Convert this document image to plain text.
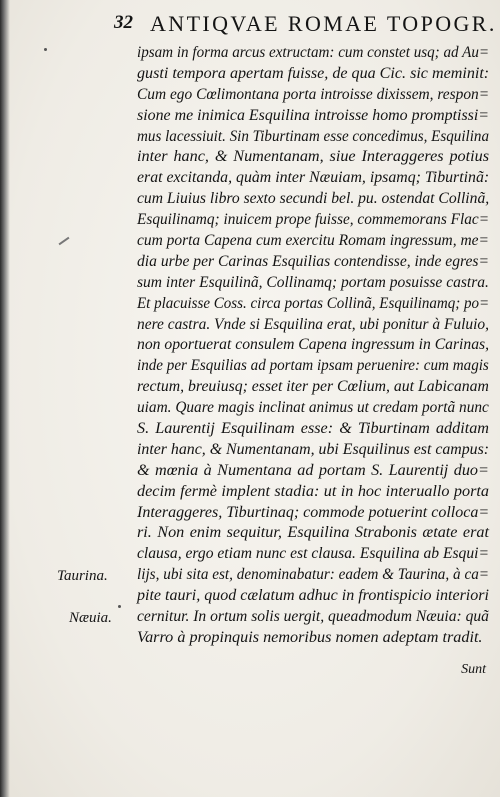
32 ANTIQVAE ROMAE TOPOGR.
ipsam in forma arcus extructam: cum constet usq; ad Au=
gusti tempora apertam fuisse, de qua Cic. sic meminit:
Cum ego Cœlimontana porta introisse dixissem, respon=
sione me inimica Esquilina introisse homo promptissi=
mus lacessiuit. Sin Tiburtinam esse concedimus, Esquilina
inter hanc, & Numentanam, siue Interaggeres potius
erat excitanda, quàm inter Næuiam, ipsamq; Tiburtinã:
cum Liuius libro sexto secundi bel. pu. ostendat Collinã,
Esquilinamq; inuicem prope fuisse, commemorans Flac=
cum porta Capena cum exercitu Romam ingressum, me=
dia urbe per Carinas Esquilias contendisse, inde egres=
sum inter Esquilinã, Collinamq; portam posuisse castra.
Et placuisse Coss. circa portas Collinã, Esquilinamq; po=
nere castra. Vnde si Esquilina erat, ubi ponitur à Fuluio,
non oportuerat consulem Capena ingressum in Carinas,
inde per Esquilias ad portam ipsam peruenire: cum magis
rectum, breuiusq; esset iter per Cœlium, aut Labicanam
uiam. Quare magis inclinat animus ut credam portã nunc
S. Laurentij Esquilinam esse: & Tiburtinam additam
inter hanc, & Numentanam, ubi Esquilinus est campus:
& mœnia à Numentana ad portam S. Laurentij duo=
decim fermè implent stadia: ut in hoc interuallo porta
Interaggeres, Tiburtinaq; commode potuerint colloca=
ri. Non enim sequitur, Esquilina Strabonis ætate erat
clausa, ergo etiam nunc est clausa. Esquilina ab Esqui=
lijs, ubi sita est, denominabatur: eadem & Taurina, à ca=
pite tauri, quod cælatum adhuc in frontispicio interiori
cernitur. In ortum solis uergit, queadmodum Næuia: quã
Varro à propinquis nemoribus nomen adeptam tradit.
Taurina.
Næuia.
Sunt
